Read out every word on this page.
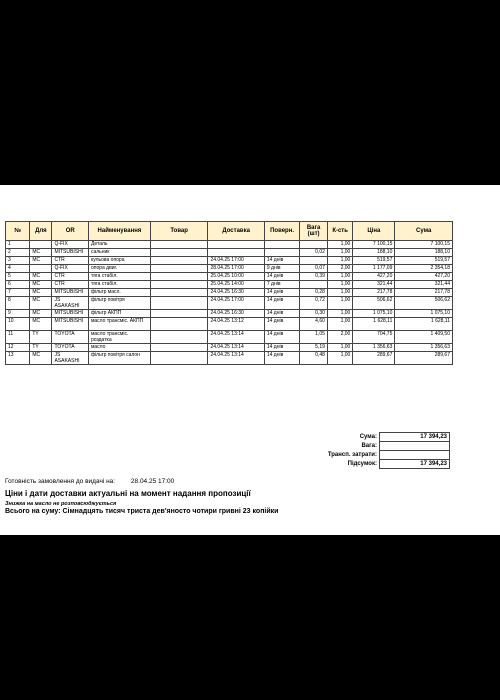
№	Для	OR	Найменування	Товар	Доставка	Поверн.	Вага (шт)	К-сть	Ціна	Сума
1		Q-FIX	Деталь					1,00	7 100,15	7 100,15
2	MC	MITSUBISHI	сальник				0,02	1,00	188,10	188,10
3	MC	CTR	кульова опора		24.04.25 17:00	14 днів		1,00	519,57	519,57
4		Q-FIX	опора двиг.		28.04.25 17:00	9 днів	0,07	2,00	1 177,09	2 354,18
5	MC	CTR	тяга стабіл.		25.04.25 10:00	14 днів	0,39	1,00	427,20	427,20
6	MC	CTR	тяга стабіл.		25.04.25 14:00	7 днів		1,00	321,44	321,44
7	MC	MITSUBISHI	фільтр масл.		24.04.25 16:30	14 днів	0,28	1,00	217,78	217,78
8	MC	JS ASAKASHI	фільтр повітря		24.04.25 17:00	14 днів	0,72	1,00	506,62	506,62
9	MC	MITSUBISHI	фільтр АКПП		24.04.25 16:30	14 днів	0,30	1,00	1 075,10	1 075,10
10	MC	MITSUBISHI	масло трансміс. АКПП		24.04.25 13:12	14 днів	4,60	1,00	1 628,11	1 628,11
11	TY	TOYOTA	масло трансміс. роздатка		24.04.25 13:14	14 днів	1,05	2,00	704,75	1 409,50
12	TY	TOYOTA	масло		24.04.25 13:14	14 днів	5,19	1,00	1 356,63	1 356,63
13	MC	JS ASAKASHI	фільтр повітря салон		24.04.25 13:14	14 днів	0,48	1,00	289,67	289,67
Сума:	17 394,23
Вага:	
Трансп. затрати:	
Підсумок:	17 394,23
Готовність замовлення до видачі на: 28.04.25 17:00
Ціни і дати доставки актуальні на момент надання пропозиції
Знижка на масло не розповсюджується
Всього на суму: Сімнадцять тисяч триста дев'яносто чотири гривні 23 копійки
